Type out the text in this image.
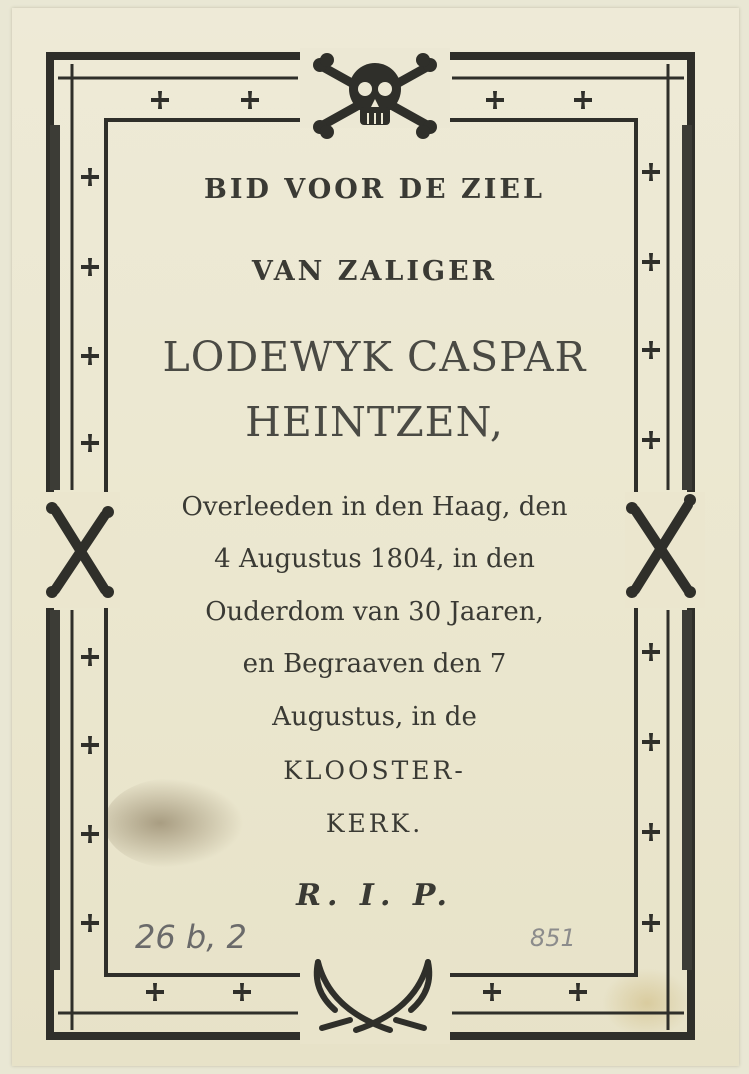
BID VOOR DE ZIEL
VAN ZALIGER
LODEWYK CASPAR
HEINTZEN,
Overleeden in den Haag, den
4 Augustus 1804, in den
Ouderdom van 30 Jaaren,
en Begraaven den 7
Augustus, in de
KLOOSTER-
KERK.
R. I. P.
26 b, 2	851
